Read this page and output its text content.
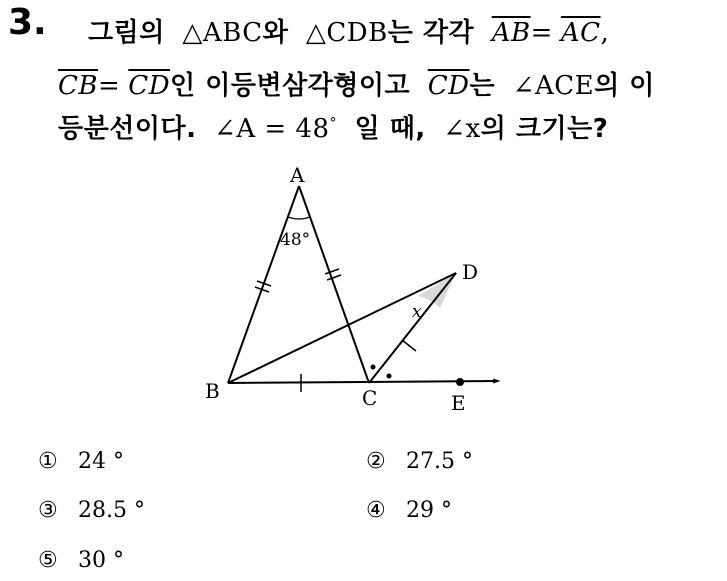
3. 그림의 △ABC와 △CDB는 각각 $\overline{AB}= \overline{AC}$,
$\overline{CB}= \overline{CD}$인 이등변삼각형이고 $\overline{CD}$는 ∠ACE의 이
등분선이다. ∠A = 48° 일 때, ∠x의 크기는?
A
B	C
D
E
48°
x
① 24 °	② 27.5 °
③ 28.5 °	④ 29 °
⑤ 30 °
